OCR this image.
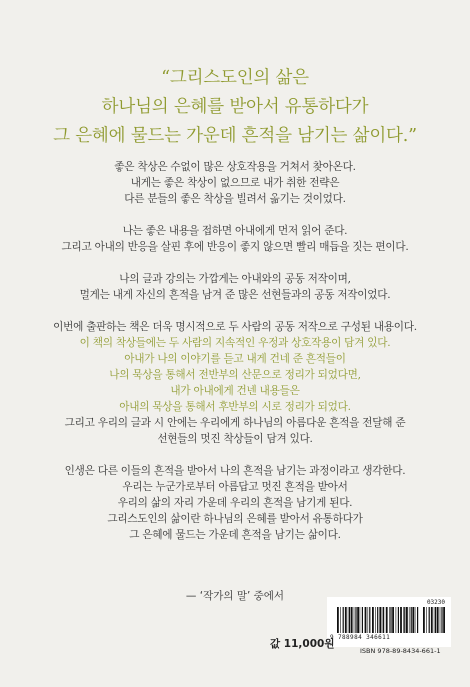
“그리스도인의 삶은
하나님의 은혜를 받아서 유통하다가
그 은혜에 물드는 가운데 흔적을 남기는 삶이다.”
좋은 착상은 수없이 많은 상호작용을 거쳐서 찾아온다.
내게는 좋은 착상이 없으므로 내가 취한 전략은
다른 분들의 좋은 착상을 빌려서 옮기는 것이었다.
나는 좋은 내용을 접하면 아내에게 먼저 읽어 준다.
그리고 아내의 반응을 살핀 후에 반응이 좋지 않으면 빨리 매듭을 짓는 편이다.
나의 글과 강의는 가깝게는 아내와의 공동 저작이며,
멀게는 내게 자신의 흔적을 남겨 준 많은 선현들과의 공동 저작이었다.
이번에 출판하는 책은 더욱 명시적으로 두 사람의 공동 저작으로 구성된 내용이다.
이 책의 착상들에는 두 사람의 지속적인 우정과 상호작용이 담겨 있다.
아내가 나의 이야기를 듣고 내게 건네 준 흔적들이
나의 묵상을 통해서 전반부의 산문으로 정리가 되었다면,
내가 아내에게 건넨 내용들은
아내의 묵상을 통해서 후반부의 시로 정리가 되었다.
그리고 우리의 글과 시 안에는 우리에게 하나님의 아름다운 흔적을 전달해 준
선현들의 멋진 착상들이 담겨 있다.
인생은 다른 이들의 흔적을 받아서 나의 흔적을 남기는 과정이라고 생각한다.
우리는 누군가로부터 아름답고 멋진 흔적을 받아서
우리의 삶의 자리 가운데 우리의 흔적을 남기게 된다.
그리스도인의 삶이란 하나님의 은혜를 받아서 유통하다가
그 은혜에 물드는 가운데 흔적을 남기는 삶이다.
— ‘작가의 말’ 중에서
03230
9 788984 346611
ISBN 978-89-8434-661-1
값 11,000원
